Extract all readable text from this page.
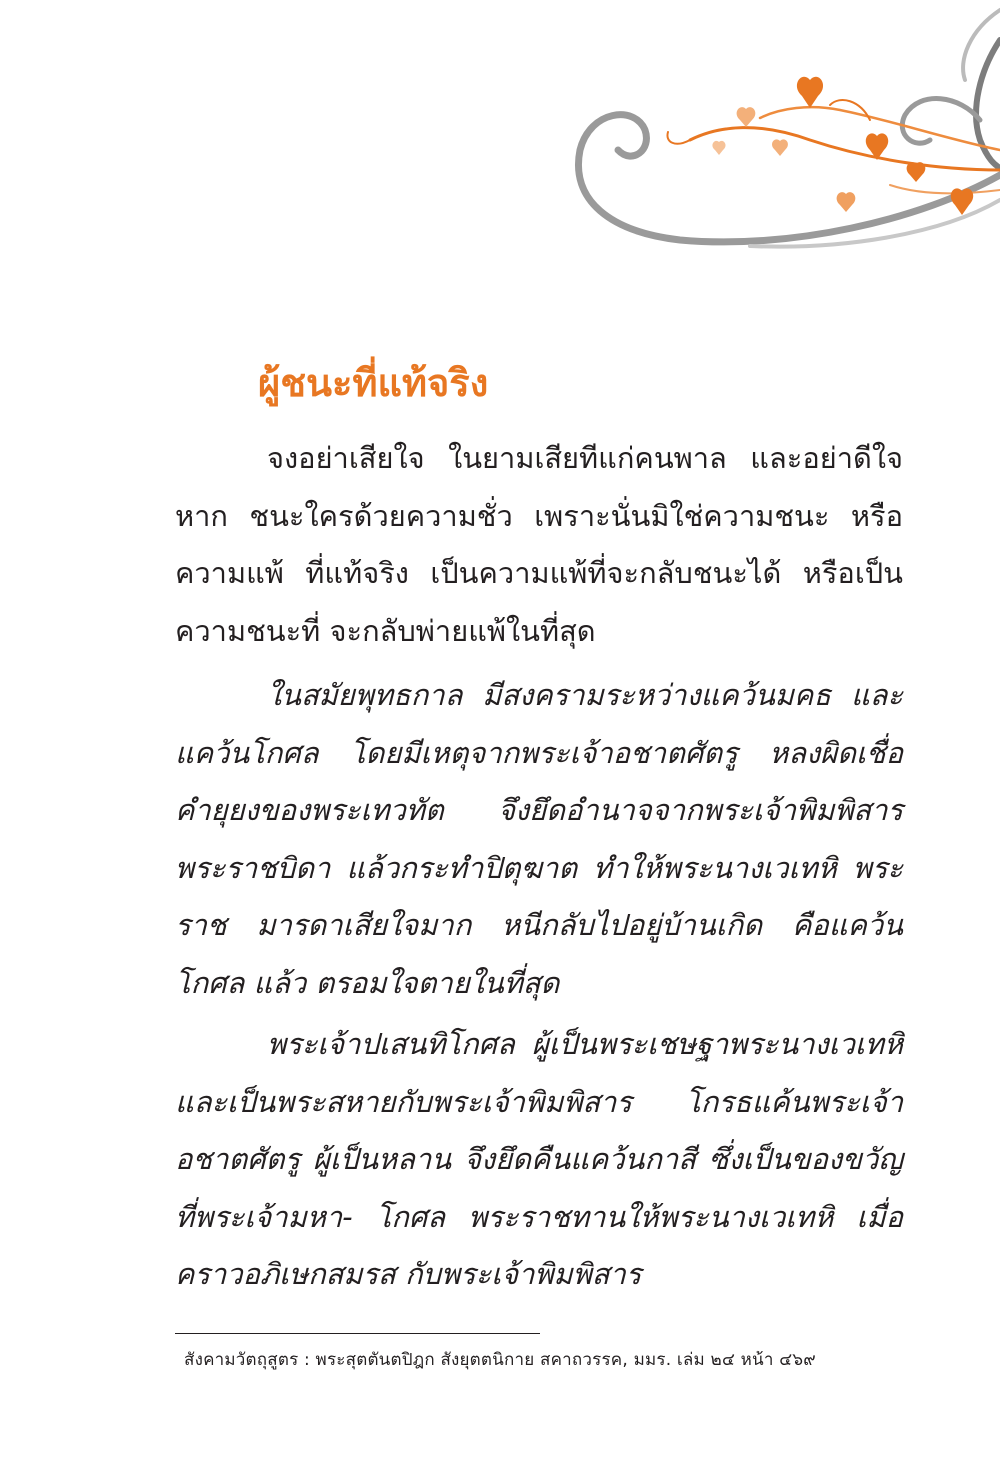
ผู้ชนะที่แท้จริง

จงอย่าเสียใจ ในยามเสียทีแก่คนพาล และอย่าดีใจหาก ชนะใครด้วยความชั่ว เพราะนั่นมิใช่ความชนะ หรือความแพ้ ที่แท้จริง เป็นความแพ้ที่จะกลับชนะได้ หรือเป็นความชนะที่ จะกลับพ่ายแพ้ในที่สุด

ในสมัยพุทธกาล มีสงครามระหว่างแคว้นมคธ และ แคว้นโกศล โดยมีเหตุจากพระเจ้าอชาตศัตรู หลงผิดเชื่อ คำยุยงของพระเทวทัต จึงยึดอำนาจจากพระเจ้าพิมพิสาร พระราชบิดา แล้วกระทำปิตุฆาต ทำให้พระนางเวเทหิ พระราช มารดาเสียใจมาก หนีกลับไปอยู่บ้านเกิด คือแคว้นโกศล แล้ว ตรอมใจตายในที่สุด

พระเจ้าปเสนทิโกศล ผู้เป็นพระเชษฐาพระนางเวเทหิ และเป็นพระสหายกับพระเจ้าพิมพิสาร โกรธแค้นพระเจ้าอชาตศัตรู ผู้เป็นหลาน จึงยึดคืนแคว้นกาสี ซึ่งเป็นของขวัญที่พระเจ้ามหา- โกศล พระราชทานให้พระนางเวเทหิ เมื่อคราวอภิเษกสมรส กับพระเจ้าพิมพิสาร

สังคามวัตถุสูตร : พระสุตตันตปิฎก สังยุตตนิกาย สคาถวรรค, มมร. เล่ม ๒๔ หน้า ๔๖๙
